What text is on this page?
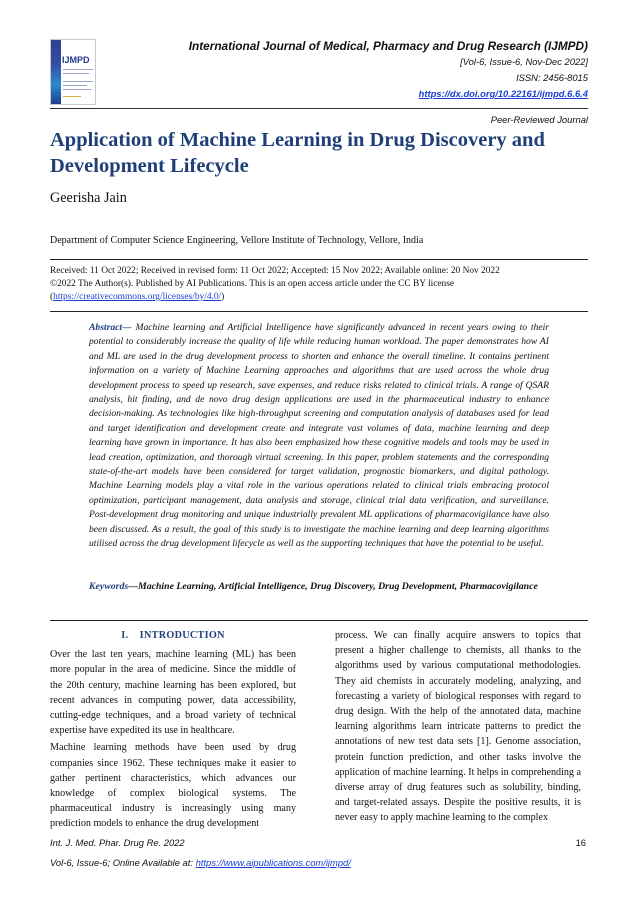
IJMPD
International Journal of Medical, Pharmacy and Drug Research (IJMPD)
[Vol-6, Issue-6, Nov-Dec 2022]
ISSN: 2456-8015
https://dx.doi.org/10.22161/ijmpd.6.6.4
Peer-Reviewed Journal
Application of Machine Learning in Drug Discovery and Development Lifecycle
Geerisha Jain
Department of Computer Science Engineering, Vellore Institute of Technology, Vellore, India
Received: 11 Oct 2022; Received in revised form: 11 Oct 2022; Accepted: 15 Nov 2022; Available online: 20 Nov 2022
©2022 The Author(s). Published by AI Publications. This is an open access article under the CC BY license
(https://creativecommons.org/licenses/by/4.0/)
Abstract— Machine learning and Artificial Intelligence have significantly advanced in recent years owing to their potential to considerably increase the quality of life while reducing human workload. The paper demonstrates how AI and ML are used in the drug development process to shorten and enhance the overall timeline. It contains pertinent information on a variety of Machine Learning approaches and algorithms that are used across the whole drug development process to speed up research, save expenses, and reduce risks related to clinical trials. A range of QSAR analysis, hit finding, and de novo drug design applications are used in the pharmaceutical industry to enhance decision-making. As technologies like high-throughput screening and computation analysis of databases used for lead and target identification and development create and integrate vast volumes of data, machine learning and deep learning have grown in importance. It has also been emphasized how these cognitive models and tools may be used in lead creation, optimization, and thorough virtual screening. In this paper, problem statements and the corresponding state-of-the-art models have been considered for target validation, prognostic biomarkers, and digital pathology. Machine Learning models play a vital role in the various operations related to clinical trials embracing protocol optimization, participant management, data analysis and storage, clinical trial data verification, and surveillance. Post-development drug monitoring and unique industrially prevalent ML applications of pharmacovigilance have also been discussed. As a result, the goal of this study is to investigate the machine learning and deep learning algorithms utilised across the drug development lifecycle as well as the supporting techniques that have the potential to be useful.
Keywords—Machine Learning, Artificial Intelligence, Drug Discovery, Drug Development, Pharmacovigilance
I.    INTRODUCTION

Over the last ten years, machine learning (ML) has been more popular in the area of medicine. Since the middle of the 20th century, machine learning has been explored, but recent advances in computing power, data accessibility, cutting-edge techniques, and a broad variety of technical expertise have expedited its use in healthcare.

Machine learning methods have been used by drug companies since 1962. These techniques make it easier to gather pertinent characteristics, which advances our knowledge of complex biological systems. The pharmaceutical industry is increasingly using many prediction models to enhance the drug development

process. We can finally acquire answers to topics that present a higher challenge to chemists, all thanks to the algorithms used by various computational methodologies. They aid chemists in accurately modeling, analyzing, and forecasting a variety of biological responses with regard to drug design. With the help of the annotated data, machine learning algorithms learn intricate patterns to predict the annotations of new test data sets [1]. Genome association, protein function prediction, and other tasks involve the application of machine learning. It helps in comprehending a diverse array of drug features such as solubility, binding, and target-related assays. Despite the positive results, it is never easy to apply machine learning to the complex

Int. J. Med. Phar. Drug Re. 2022
Vol-6, Issue-6; Online Available at: https://www.aipublications.com/ijmpd/
16
